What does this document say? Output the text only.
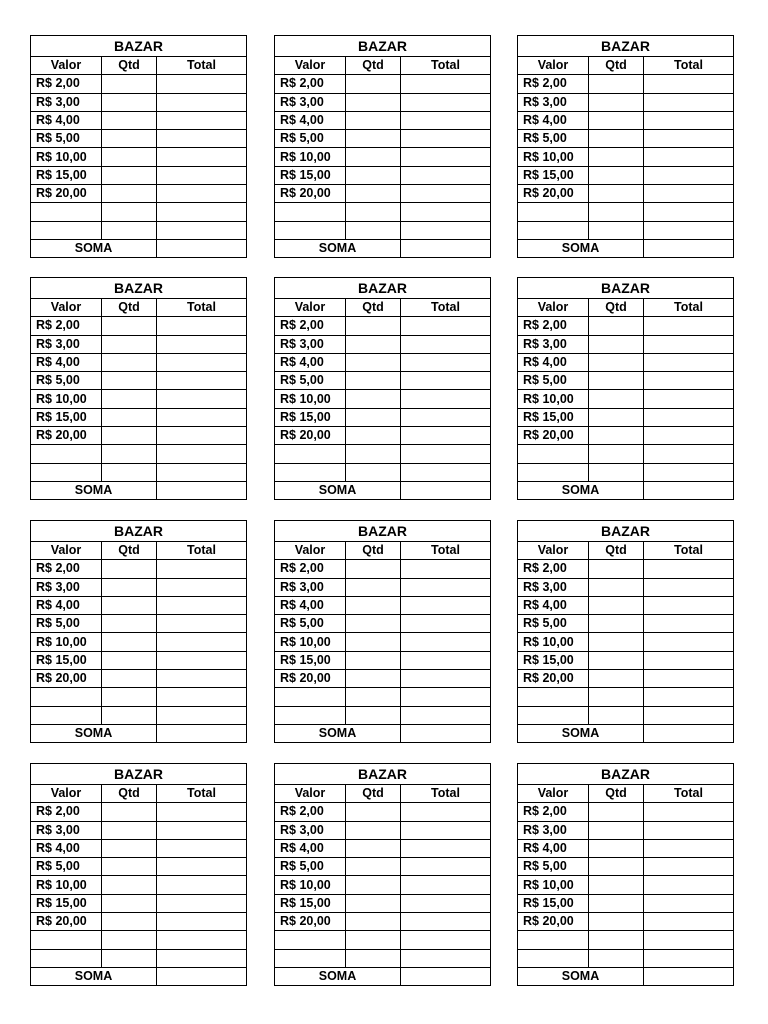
BAZAR		
Valor	Qtd	Total
R$ 2,00		
R$ 3,00		
R$ 4,00		
R$ 5,00		
R$ 10,00		
R$ 15,00		
R$ 20,00		

SOMA		
BAZAR		
Valor	Qtd	Total
R$ 2,00		
R$ 3,00		
R$ 4,00		
R$ 5,00		
R$ 10,00		
R$ 15,00		
R$ 20,00		

SOMA		
BAZAR		
Valor	Qtd	Total
R$ 2,00		
R$ 3,00		
R$ 4,00		
R$ 5,00		
R$ 10,00		
R$ 15,00		
R$ 20,00		

SOMA		
BAZAR		
Valor	Qtd	Total
R$ 2,00		
R$ 3,00		
R$ 4,00		
R$ 5,00		
R$ 10,00		
R$ 15,00		
R$ 20,00		

SOMA		
BAZAR		
Valor	Qtd	Total
R$ 2,00		
R$ 3,00		
R$ 4,00		
R$ 5,00		
R$ 10,00		
R$ 15,00		
R$ 20,00		

SOMA		
BAZAR		
Valor	Qtd	Total
R$ 2,00		
R$ 3,00		
R$ 4,00		
R$ 5,00		
R$ 10,00		
R$ 15,00		
R$ 20,00		

SOMA		
BAZAR		
Valor	Qtd	Total
R$ 2,00		
R$ 3,00		
R$ 4,00		
R$ 5,00		
R$ 10,00		
R$ 15,00		
R$ 20,00		

SOMA		
BAZAR		
Valor	Qtd	Total
R$ 2,00		
R$ 3,00		
R$ 4,00		
R$ 5,00		
R$ 10,00		
R$ 15,00		
R$ 20,00		

SOMA		
BAZAR		
Valor	Qtd	Total
R$ 2,00		
R$ 3,00		
R$ 4,00		
R$ 5,00		
R$ 10,00		
R$ 15,00		
R$ 20,00		

SOMA		
BAZAR		
Valor	Qtd	Total
R$ 2,00		
R$ 3,00		
R$ 4,00		
R$ 5,00		
R$ 10,00		
R$ 15,00		
R$ 20,00		

SOMA		
BAZAR		
Valor	Qtd	Total
R$ 2,00		
R$ 3,00		
R$ 4,00		
R$ 5,00		
R$ 10,00		
R$ 15,00		
R$ 20,00		

SOMA		
BAZAR		
Valor	Qtd	Total
R$ 2,00		
R$ 3,00		
R$ 4,00		
R$ 5,00		
R$ 10,00		
R$ 15,00		
R$ 20,00		

SOMA		
